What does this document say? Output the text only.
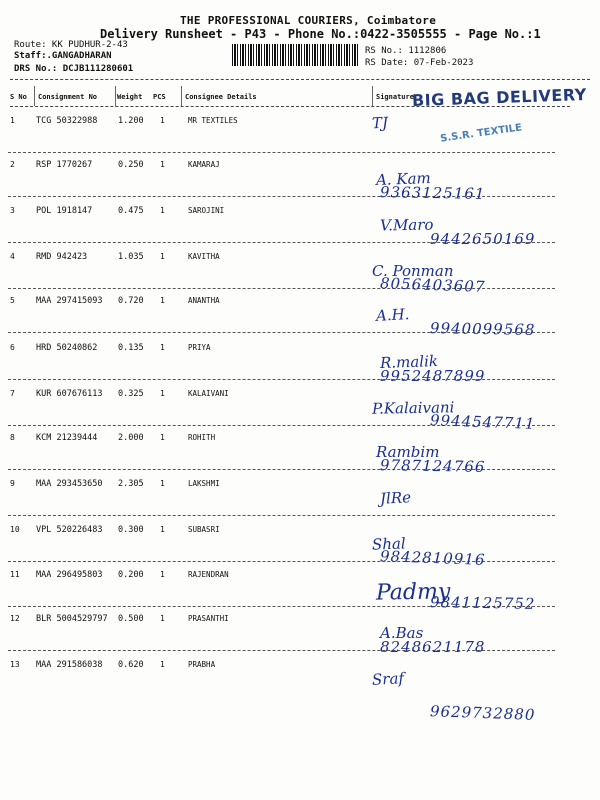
THE PROFESSIONAL COURIERS, Coimbatore
Delivery Runsheet - P43 - Phone No.:0422-3505555 - Page No.:1
Route: KK PUDHUR-2-43
Staff:.GANGADHARAN
DRS No.: DCJB111280601
RS No.: 1112806
RS Date: 07-Feb-2023
S No Consignment No	Weight PCS	Consignee Details	Signature
BIG BAG DELIVERY
S.S.R. TEXTILE
1 TCG 50322988 1.200 1	MR TEXTILES	TJ
2 RSP 1770267	0.250 1	KAMARAJ
A. Kam
9363125161
3 POL 1918147	0.475 1	SAROJINI
V.Maro
9442650169
4 RMD 942423	1.035 1	KAVITHA
C. Ponman
8056403607
5 MAA 297415093 0.720 1	ANANTHA
A.H.
9940099568
6 HRD 50240862 0.135 1	PRIYA
R.malik
9952487899
7 KUR 607676113 0.325 1	KALAIVANI
P.Kalaivani
9944547711
8 KCM 21239444 2.000 1	ROHITH
Rambim
9787124766
9 MAA 293453650 2.305 1	LAKSHMI
JlRe
10 VPL 520226483 0.300 1	SUBASRI
Shal
9842810916
11 MAA 296495803 0.200 1	RAJENDRAN
Padmy
9841125752
12 BLR 5004529797 0.500 1	PRASANTHI
A.Bas
8248621178
13 MAA 291586038 0.620 1	PRABHA
Sraf
9629732880
